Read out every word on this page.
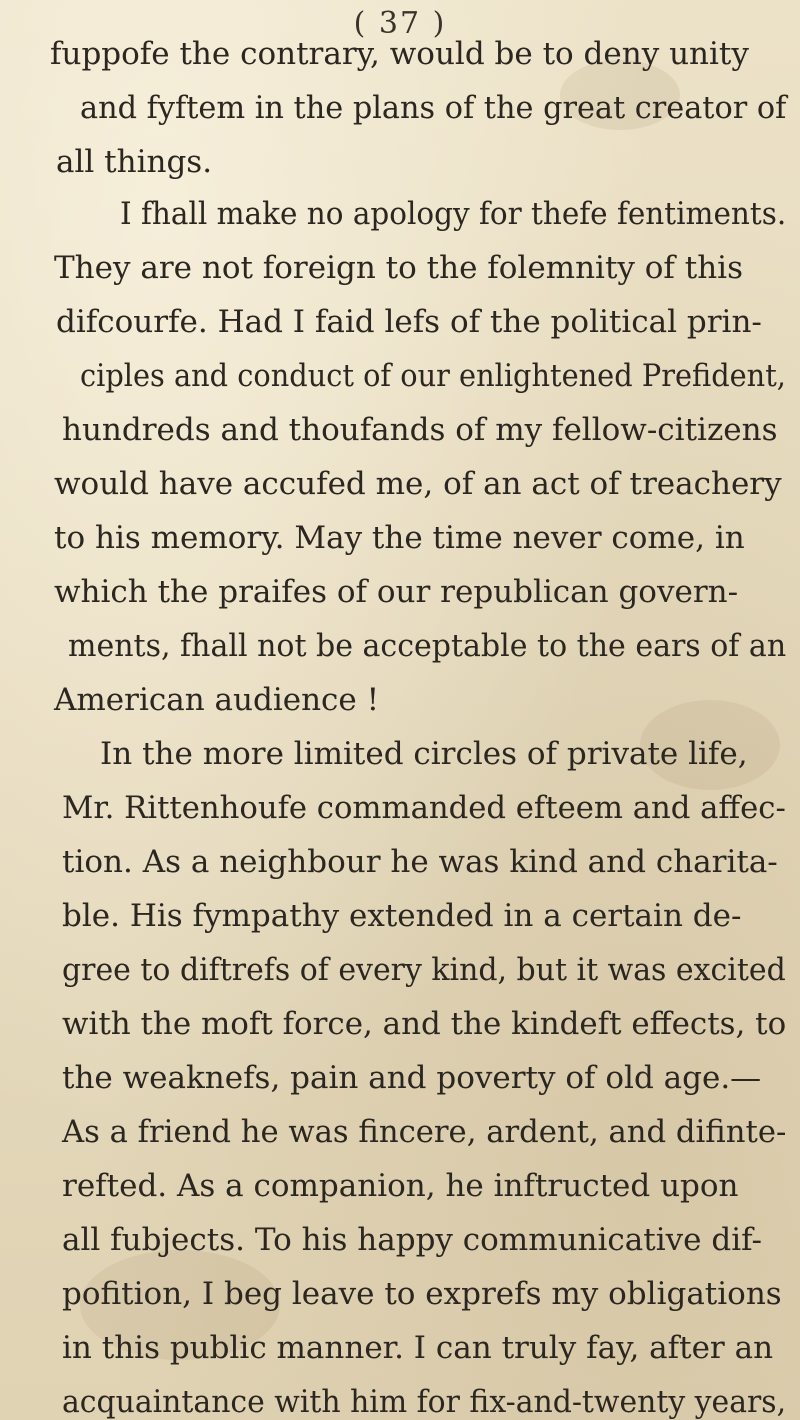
( 37 )
fuppofe the contrary, would be to deny unity
and fyftem in the plans of the great creator of
all things.
I fhall make no apology for thefe fentiments.
They are not foreign to the folemnity of this
difcourfe. Had I faid lefs of the political prin-
ciples and conduct of our enlightened Prefident,
hundreds and thoufands of my fellow-citizens
would have accufed me, of an act of treachery
to his memory. May the time never come, in
which the praifes of our republican govern-
ments, fhall not be acceptable to the ears of an
American audience !
In the more limited circles of private life,
Mr. Rittenhoufe commanded efteem and affec-
tion. As a neighbour he was kind and charita-
ble. His fympathy extended in a certain de-
gree to diftrefs of every kind, but it was excited
with the moft force, and the kindeft effects, to
the weaknefs, pain and poverty of old age.—
As a friend he was fincere, ardent, and difinte-
refted. As a companion, he inftructed upon
all fubjects. To his happy communicative dif-
pofition, I beg leave to exprefs my obligations
in this public manner. I can truly fay, after an
acquaintance with him for fix-and-twenty years,
